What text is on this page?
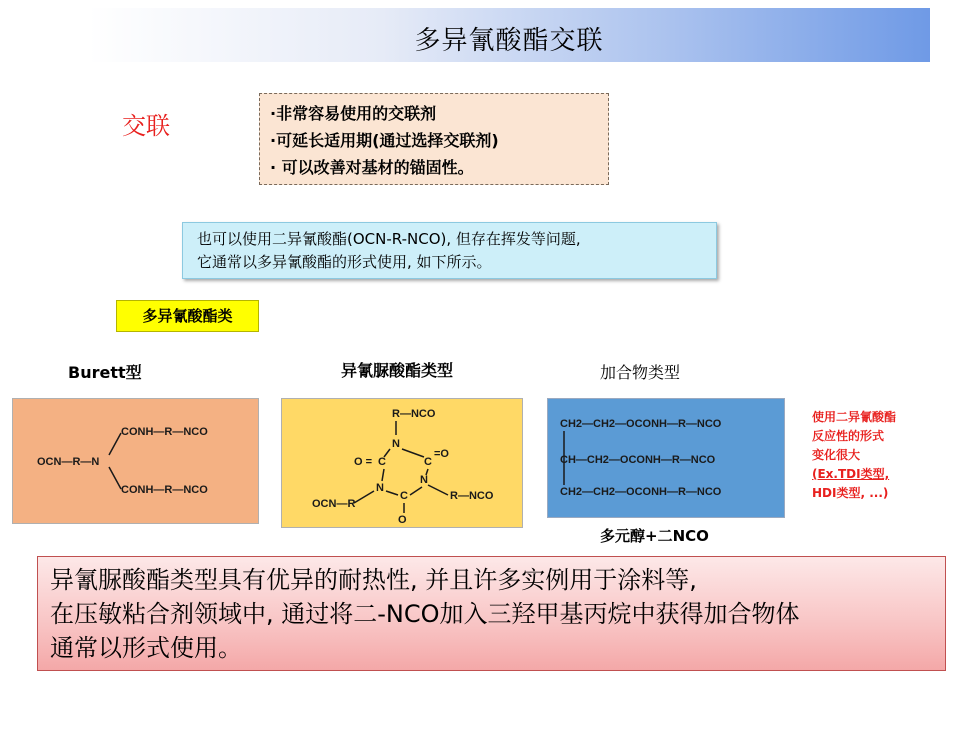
多异氰酸酯交联
交联	·非常容易使用的交联剂
·可延长适用期(通过选择交联剂)
· 可以改善对基材的锚固性。
也可以使用二异氰酸酯(OCN-R-NCO), 但存在挥发等问题,
它通常以多异氰酸酯的形式使用, 如下所示。
多异氰酸酯类
Burett型	异氰脲酸酯类型	加合物类型
CONH—R—NCO
OCN—R—N
CONH—R—NCO
R—NCO
N
C	C
O =
=O
N
N
C
O
OCN—R
R—NCO
CH2—CH2—OCONH—R—NCO
CH—CH2—OCONH—R—NCO
CH2—CH2—OCONH—R—NCO
使用二异氰酸酯
反应性的形式
变化很大
(Ex.TDI类型,
HDI类型, ...)
多元醇+二NCO
异氰脲酸酯类型具有优异的耐热性, 并且许多实例用于涂料等,
在压敏粘合剂领域中, 通过将二-NCO加入三羟甲基丙烷中获得加合物体
通常以形式使用。
